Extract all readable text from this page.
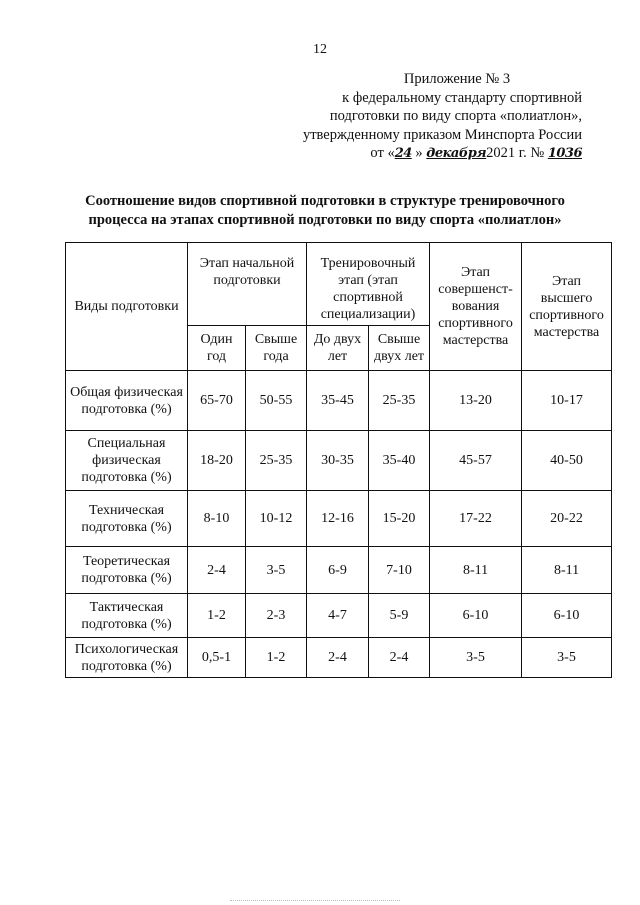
12
Приложение № 3
к федеральному стандарту спортивной
подготовки по виду спорта «полиатлон»,
утвержденному приказом Минспорта России
от «24 » декабря2021 г. № 1036
Соотношение видов спортивной подготовки в структуре тренировочного
процесса на этапах спортивной подготовки по виду спорта «полиатлон»
Виды подготовки	Этап начальной подготовки		Тренировочный этап (этап спортивной специализации)		Этап совершенст-вования спортивного мастерства	Этап высшего спортивного мастерства
	Один год	Свыше года	До двух лет	Свыше двух лет		
Общая физическая подготовка (%)	65-70	50-55	35-45	25-35	13-20	10-17
Специальная физическая подготовка (%)	18-20	25-35	30-35	35-40	45-57	40-50
Техническая подготовка (%)	8-10	10-12	12-16	15-20	17-22	20-22
Теоретическая подготовка (%)	2-4	3-5	6-9	7-10	8-11	8-11
Тактическая подготовка (%)	1-2	2-3	4-7	5-9	6-10	6-10
Психологическая подготовка (%)	0,5-1	1-2	2-4	2-4	3-5	3-5
